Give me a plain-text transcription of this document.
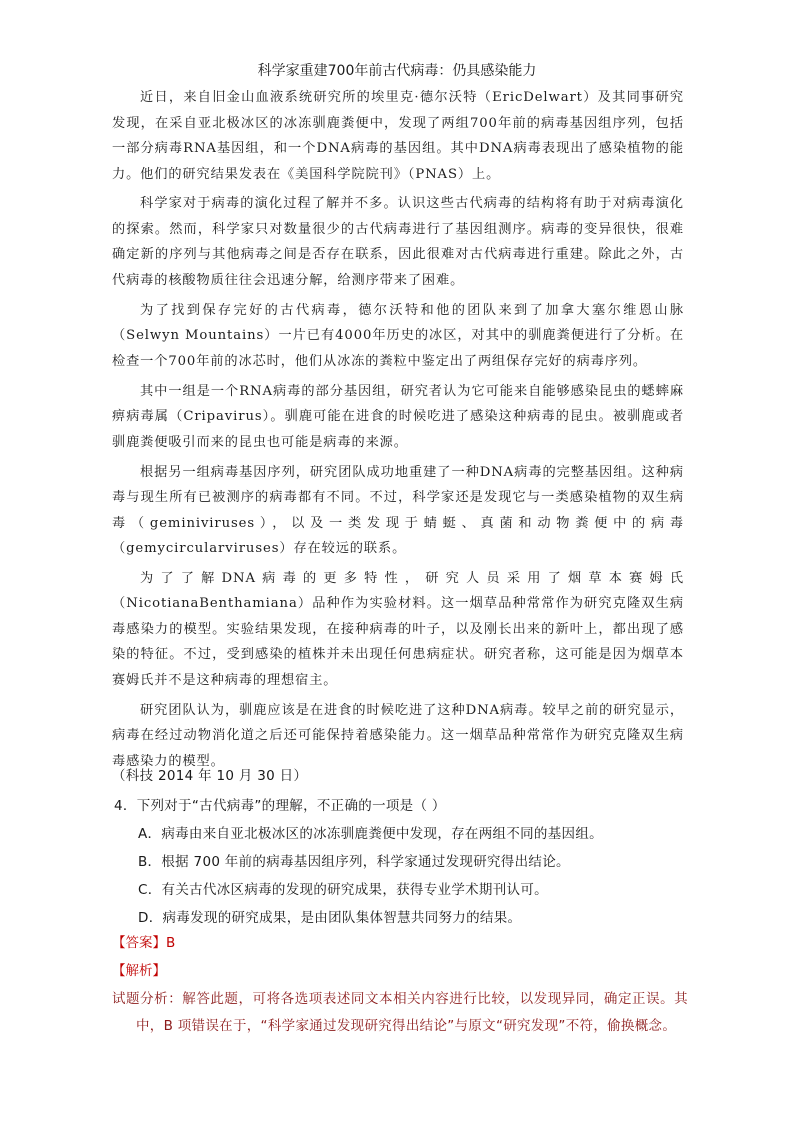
科学家重建700年前古代病毒：仍具感染能力

近日，来自旧金山血液系统研究所的埃里克·德尔沃特（EricDelwart）及其同事研究发现，在采自亚北极冰区的冰冻驯鹿粪便中，发现了两组700年前的病毒基因组序列，包括一部分病毒RNA基因组，和一个DNA病毒的基因组。其中DNA病毒表现出了感染植物的能力。他们的研究结果发表在《美国科学院院刊》（PNAS）上。

科学家对于病毒的演化过程了解并不多。认识这些古代病毒的结构将有助于对病毒演化的探索。然而，科学家只对数量很少的古代病毒进行了基因组测序。病毒的变异很快，很难确定新的序列与其他病毒之间是否存在联系，因此很难对古代病毒进行重建。除此之外，古代病毒的核酸物质往往会迅速分解，给测序带来了困难。

为了找到保存完好的古代病毒，德尔沃特和他的团队来到了加拿大塞尔维恩山脉（Selwyn Mountains）一片已有4000年历史的冰区，对其中的驯鹿粪便进行了分析。在检查一个700年前的冰芯时，他们从冰冻的粪粒中鉴定出了两组保存完好的病毒序列。

其中一组是一个RNA病毒的部分基因组，研究者认为它可能来自能够感染昆虫的蟋蟀麻痹病毒属（Cripavirus）。驯鹿可能在进食的时候吃进了感染这种病毒的昆虫。被驯鹿或者驯鹿粪便吸引而来的昆虫也可能是病毒的来源。

根据另一组病毒基因序列，研究团队成功地重建了一种DNA病毒的完整基因组。这种病毒与现生所有已被测序的病毒都有不同。不过，科学家还是发现它与一类感染植物的双生病毒（geminiviruses），以及一类发现于蜻蜓、真菌和动物粪便中的病毒（gemycircularviruses）存在较远的联系。

为了了解DNA病毒的更多特性，研究人员采用了烟草本赛姆氏（NicotianaBenthamiana）品种作为实验材料。这一烟草品种常常作为研究克隆双生病毒感染力的模型。实验结果发现，在接种病毒的叶子，以及刚长出来的新叶上，都出现了感染的特征。不过，受到感染的植株并未出现任何患病症状。研究者称，这可能是因为烟草本赛姆氏并不是这种病毒的理想宿主。

研究团队认为，驯鹿应该是在进食的时候吃进了这种DNA病毒。较早之前的研究显示，病毒在经过动物消化道之后还可能保持着感染能力。这一烟草品种常常作为研究克隆双生病毒感染力的模型。

（科技 2014 年 10 月 30 日）
4．下列对于“古代病毒”的理解，不正确的一项是（ ）
A．病毒由来自亚北极冰区的冰冻驯鹿粪便中发现，存在两组不同的基因组。
B．根据 700 年前的病毒基因组序列，科学家通过发现研究得出结论。
C．有关古代冰区病毒的发现的研究成果，获得专业学术期刊认可。
D．病毒发现的研究成果，是由团队集体智慧共同努力的结果。
【答案】B
【解析】
试题分析：解答此题，可将各选项表述同文本相关内容进行比较，以发现异同，确定正误。其中，B 项错误在于，“科学家通过发现研究得出结论”与原文“研究发现”不符，偷换概念。
